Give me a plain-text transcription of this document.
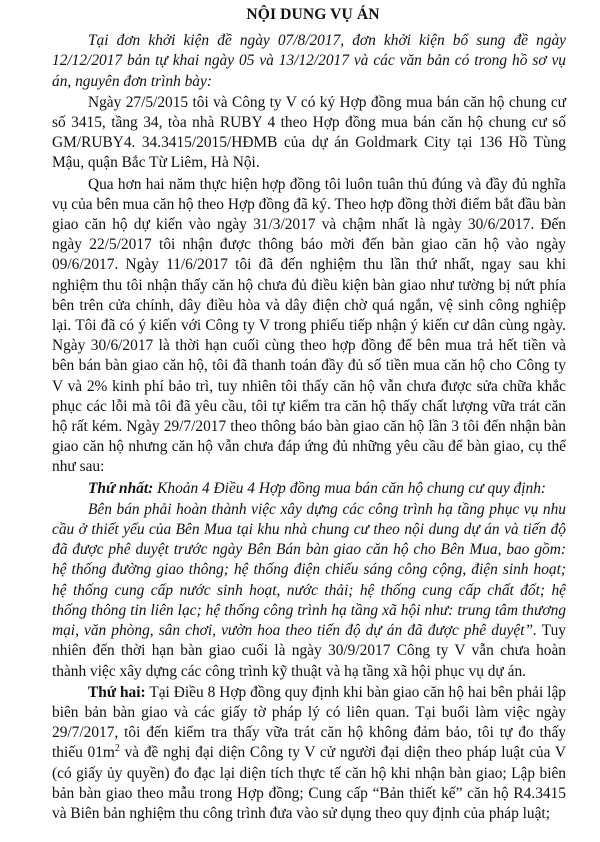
NỘI DUNG VỤ ÁN

Tại đơn khởi kiện đề ngày 07/8/2017, đơn khởi kiện bổ sung đề ngày 12/12/2017 bản tự khai ngày 05 và 13/12/2017 và các văn bản có trong hồ sơ vụ án, nguyên đơn trình bày:

Ngày 27/5/2015 tôi và Công ty V có ký Hợp đồng mua bán căn hộ chung cư số 3415, tầng 34, tòa nhà RUBY 4 theo Hợp đồng mua bán căn hộ chung cư số GM/RUBY4. 34.3415/2015/HĐMB của dự án Goldmark City tại 136 Hồ Tùng Mậu, quận Bắc Từ Liêm, Hà Nội.

Qua hơn hai năm thực hiện hợp đồng tôi luôn tuân thủ đúng và đầy đủ nghĩa vụ của bên mua căn hộ theo Hợp đồng đã ký. Theo hợp đồng thời điểm bắt đầu bàn giao căn hộ dự kiến vào ngày 31/3/2017 và chậm nhất là ngày 30/6/2017. Đến ngày 22/5/2017 tôi nhận được thông báo mời đến bàn giao căn hộ vào ngày 09/6/2017. Ngày 11/6/2017 tôi đã đến nghiệm thu lần thứ nhất, ngay sau khi nghiệm thu tôi nhận thấy căn hộ chưa đủ điều kiện bàn giao như tường bị nứt phía bên trên cửa chính, dây điều hòa và dây điện chờ quá ngắn, vệ sinh công nghiệp lại. Tôi đã có ý kiến với Công ty V trong phiếu tiếp nhận ý kiến cư dân cùng ngày. Ngày 30/6/2017 là thời hạn cuối cùng theo hợp đồng để bên mua trả hết tiền và bên bán bàn giao căn hộ, tôi đã thanh toán đầy đủ số tiền mua căn hộ cho Công ty V và 2% kinh phí bảo trì, tuy nhiên tôi thấy căn hộ vẫn chưa được sửa chữa khắc phục các lỗi mà tôi đã yêu cầu, tôi tự kiểm tra căn hộ thấy chất lượng vữa trát căn hộ rất kém. Ngày 29/7/2017 theo thông báo bàn giao căn hộ lần 3 tôi đến nhận bàn giao căn hộ nhưng căn hộ vẫn chưa đáp ứng đủ những yêu cầu để bàn giao, cụ thể như sau:

Thứ nhất: Khoản 4 Điều 4 Hợp đồng mua bán căn hộ chung cư quy định:

Bên bán phải hoàn thành việc xây dựng các công trình hạ tầng phục vụ nhu cầu ở thiết yếu của Bên Mua tại khu nhà chung cư theo nội dung dự án và tiến độ đã được phê duyệt trước ngày Bên Bán bàn giao căn hộ cho Bên Mua, bao gồm: hệ thống đường giao thông; hệ thống điện chiếu sáng công cộng, điện sinh hoạt; hệ thống cung cấp nước sinh hoạt, nước thải; hệ thống cung cấp chất đốt; hệ thống thông tin liên lạc; hệ thống công trình hạ tầng xã hội như: trung tâm thương mại, văn phòng, sân chơi, vườn hoa theo tiến độ dự án đã được phê duyệt”. Tuy nhiên đến thời hạn bàn giao cuối là ngày 30/9/2017 Công ty V vẫn chưa hoàn thành việc xây dựng các công trình kỹ thuật và hạ tầng xã hội phục vụ dự án.

Thứ hai: Tại Điều 8 Hợp đồng quy định khi bàn giao căn hộ hai bên phải lập biên bản bàn giao và các giấy tờ pháp lý có liên quan. Tại buổi làm việc ngày 29/7/2017, tôi đến kiểm tra thấy vữa trát căn hộ không đảm bảo, tôi tự đo thấy thiếu $01m^2$ và đề nghị đại diện Công ty V cử người đại diện theo pháp luật của V (có giấy ủy quyền) đo đạc lại diện tích thực tế căn hộ khi nhận bàn giao; Lập biên bản bàn giao theo mẫu trong Hợp đồng; Cung cấp “Bản thiết kế” căn hộ R4.3415 và Biên bản nghiệm thu công trình đưa vào sử dụng theo quy định của pháp luật;
